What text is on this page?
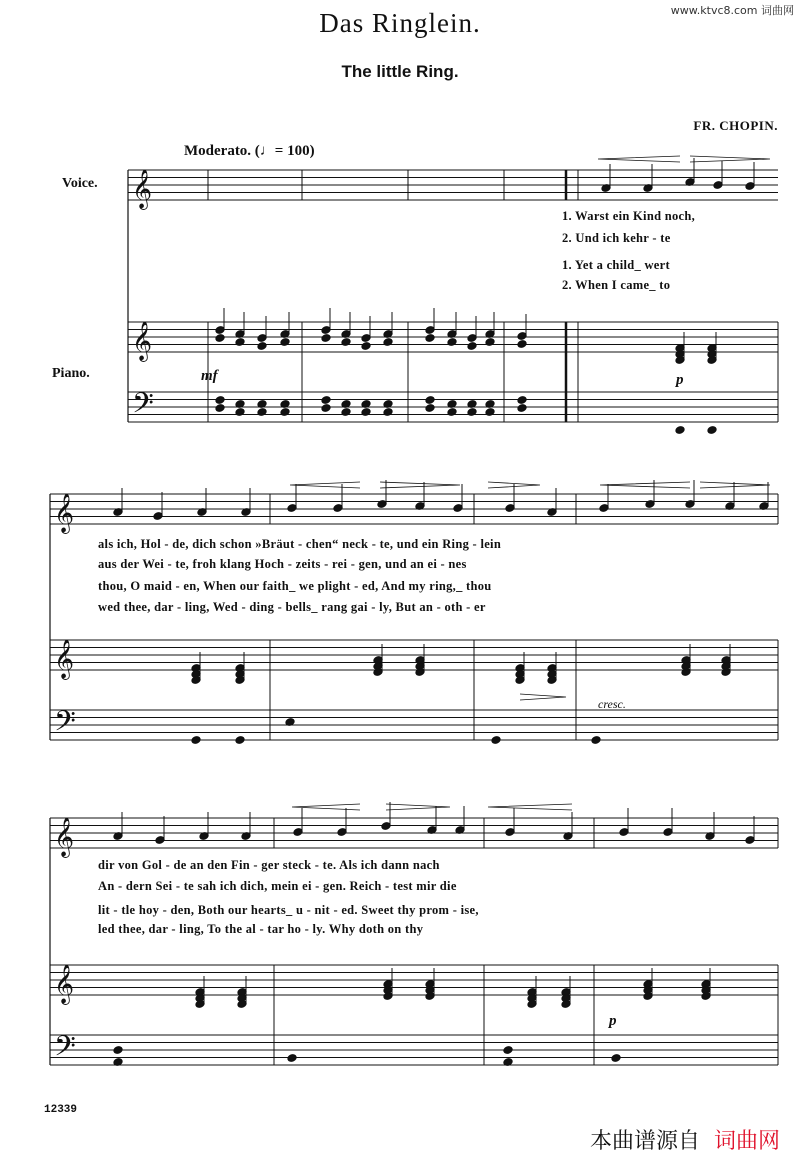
www.ktvc8.com 词曲网
Das Ringlein.
The little Ring.
FR. CHOPIN.
Moderato. (♩= 100)
Voice.
Piano.
𝄞
𝄞
𝄢
𝄞
𝄞
𝄢
𝄞
𝄞
𝄢
1. Warst ein Kind noch,
2. Und ich kehr - te
1. Yet a child_ wert
2. When I came_ to
als ich, Hol - de, dich schon »Bräut - chen“ neck - te, und ein Ring - lein
aus der Wei - te, froh klang Hoch - zeits - rei - gen, und an ei - nes
thou, O maid - en, When our faith_ we plight - ed, And my ring,_ thou
wed thee, dar - ling, Wed - ding - bells_ rang gai - ly, But an - oth - er
dir von Gol - de an den Fin - ger steck - te. Als ich dann nach
An - dern Sei - te sah ich dich, mein ei - gen. Reich - test mir die
lit - tle hoy - den, Both our hearts_ u - nit - ed. Sweet thy prom - ise,
led thee, dar - ling, To the al - tar ho - ly. Why doth on thy
mf	p
cresc.
p
12339
本曲谱源自 词曲网
